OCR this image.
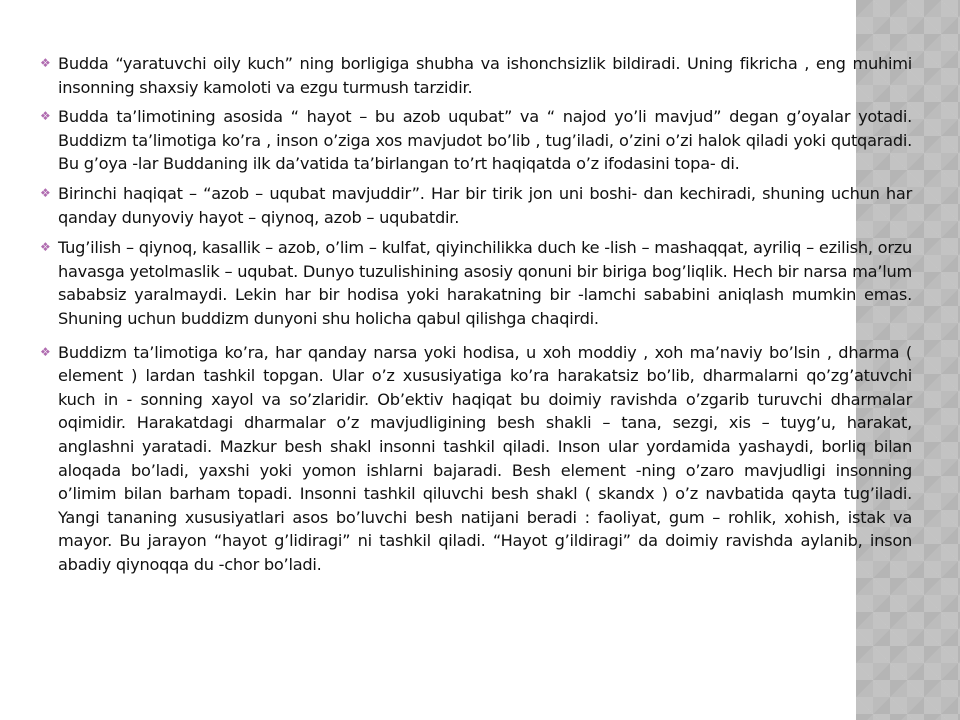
❖ Budda “yaratuvchi oily kuch” ning borligiga shubha va ishonchsizlik bildiradi. Uning fikricha , eng muhimi insonning shaxsiy kamoloti va ezgu turmush tarzidir.

❖ Budda ta’limotining asosida “ hayot – bu azob uqubat” va “ najod yo’li mavjud” degan g’oyalar yotadi. Buddizm ta’limotiga ko’ra , inson o’ziga xos mavjudot bo’lib , tug’iladi, o’zini o’zi halok qiladi yoki qutqaradi. Bu g’oya -lar Buddaning ilk da’vatida ta’birlangan to’rt haqiqatda o’z ifodasini topa- di.

❖ Birinchi haqiqat – “azob – uqubat mavjuddir”. Har bir tirik jon uni boshi- dan kechiradi, shuning uchun har qanday dunyoviy hayot – qiynoq, azob – uqubatdir.

❖ Tug’ilish – qiynoq, kasallik – azob, o’lim – kulfat, qiyinchilikka duch ke -lish – mashaqqat, ayriliq – ezilish, orzu havasga yetolmaslik – uqubat. Dunyo tuzulishining asosiy qonuni bir biriga bog’liqlik. Hech bir narsa ma’lum sababsiz yaralmaydi. Lekin har bir hodisa yoki harakatning bir -lamchi sababini aniqlash mumkin emas. Shuning uchun buddizm dunyoni shu holicha qabul qilishga chaqirdi.

❖ Buddizm ta’limotiga ko’ra, har qanday narsa yoki hodisa, u xoh moddiy , xoh ma’naviy bo’lsin , dharma ( element ) lardan tashkil topgan. Ular o’z xususiyatiga ko’ra harakatsiz bo’lib, dharmalarni qo’zg’atuvchi kuch in - sonning xayol va so’zlaridir. Ob’ektiv haqiqat bu doimiy ravishda o’zgarib turuvchi dharmalar oqimidir. Harakatdagi dharmalar o’z mavjudligining besh shakli – tana, sezgi, xis – tuyg’u, harakat, anglashni yaratadi. Mazkur besh shakl insonni tashkil qiladi. Inson ular yordamida yashaydi, borliq bilan aloqada bo’ladi, yaxshi yoki yomon ishlarni bajaradi. Besh element -ning o’zaro mavjudligi insonning o’limim bilan barham topadi. Insonni tashkil qiluvchi besh shakl ( skandx ) o’z navbatida qayta tug’iladi. Yangi tananing xususiyatlari asos bo’luvchi besh natijani beradi : faoliyat, gum – rohlik, xohish, istak va mayor. Bu jarayon “hayot g’lidiragi” ni tashkil qiladi. “Hayot g’ildiragi” da doimiy ravishda aylanib, inson abadiy qiynoqqa du -chor bo’ladi.
